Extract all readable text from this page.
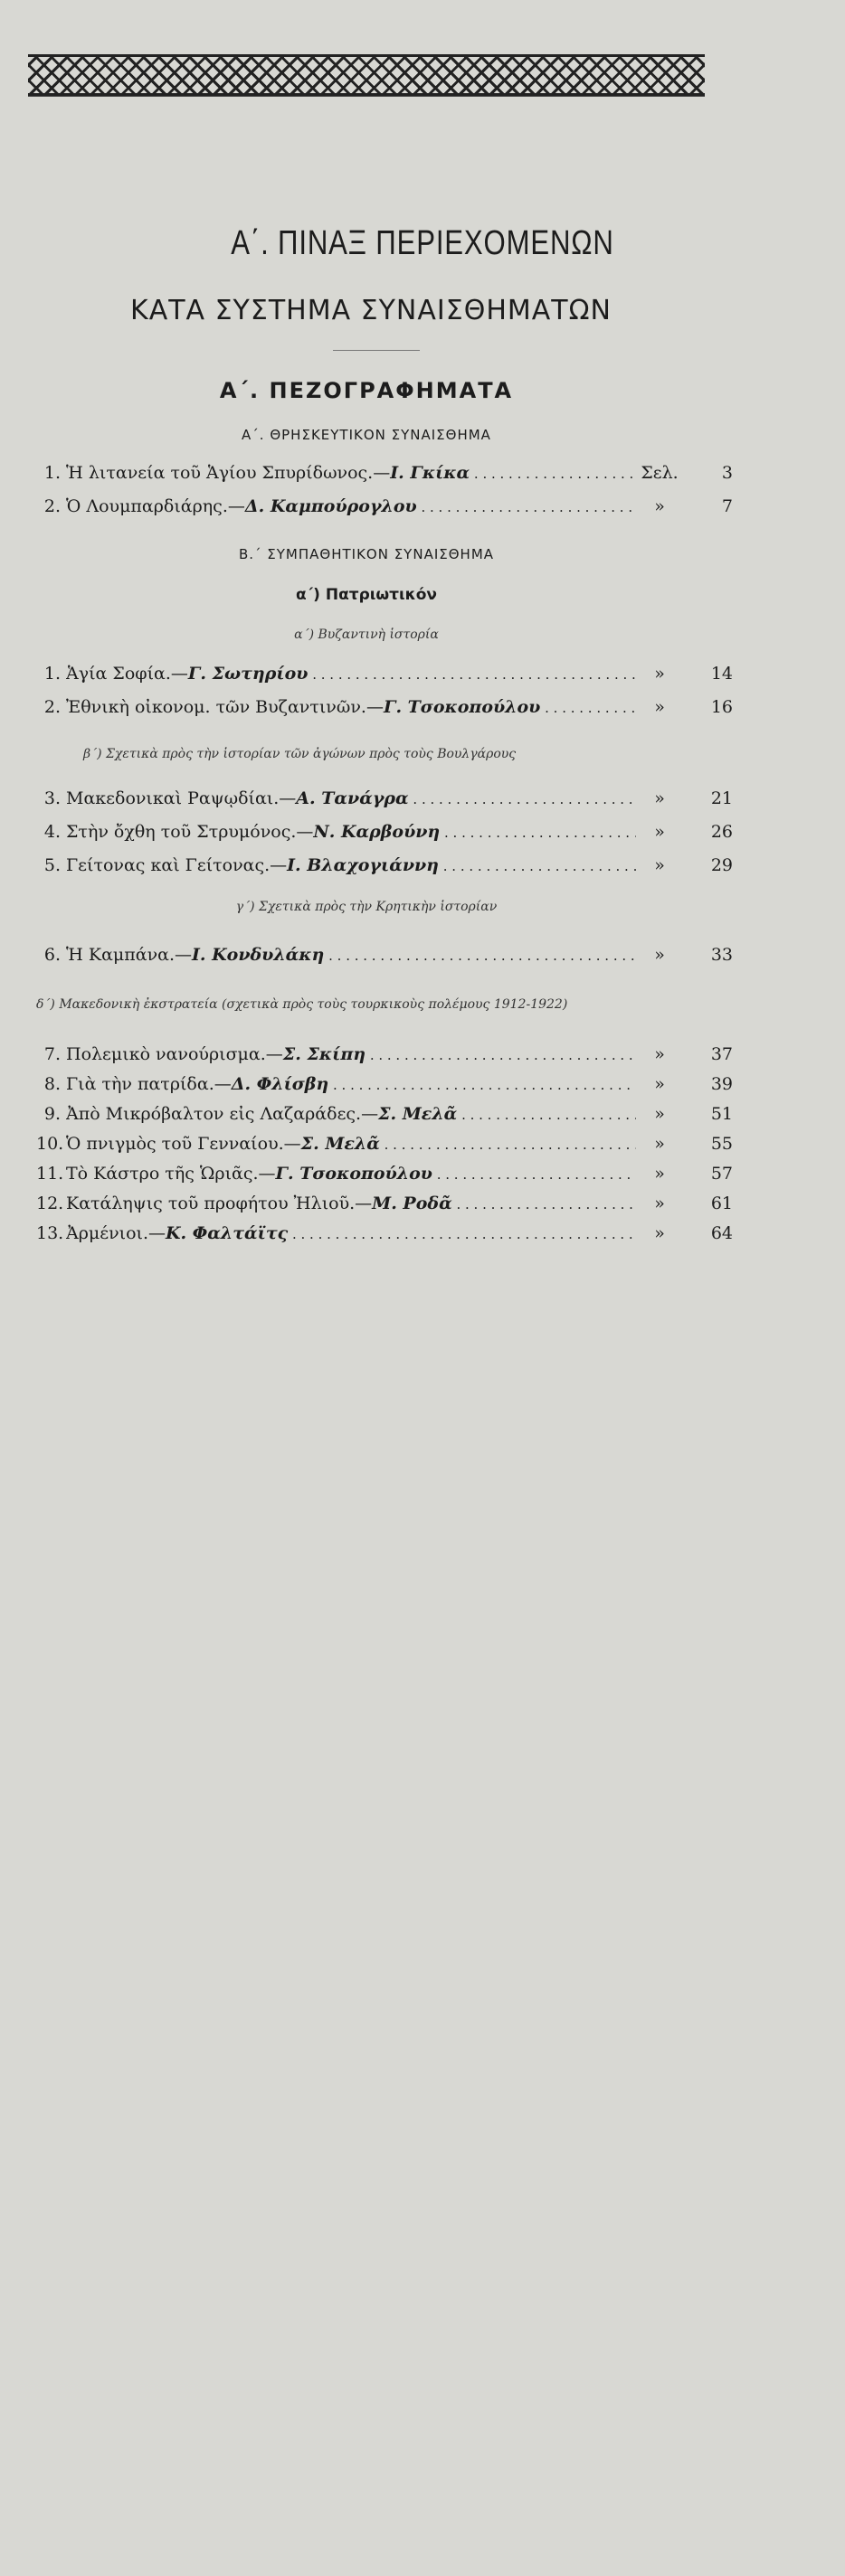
Α΄. ΠΙΝΑΞ ΠΕΡΙΕΧΟΜΕΝΩΝ
ΚΑΤΑ ΣΥΣΤΗΜΑ ΣΥΝΑΙΣΘΗΜΑΤΩΝ
Α΄. ΠΕΖΟΓΡΑΦΗΜΑΤΑ
Α΄. ΘΡΗΣΚΕΥΤΙΚΟΝ ΣΥΝΑΙΣΘΗΜΑ
1. Ἡ λιτανεία τοῦ Ἁγίου Σπυρίδωνος.—Ι. Γκίκα . . .	Σελ.	3
2. Ὁ Λουμπαρδιάρης.—Δ. Καμπούρογλου . . .	»	7
Β.΄ ΣΥΜΠΑΘΗΤΙΚΟΝ ΣΥΝΑΙΣΘΗΜΑ
α΄) Πατριωτικόν
α΄) Βυζαντινὴ ἱστορία
1. Ἁγία Σοφία.—Γ. Σωτηρίου . . .	»	14
2. Ἐθνικὴ οἰκονομ. τῶν Βυζαντινῶν.—Γ. Τσοκοπούλου . . .	»	16
β΄) Σχετικὰ πρὸς τὴν ἱστορίαν τῶν ἀγώνων πρὸς τοὺς Βουλγάρους
3. Μακεδονικαὶ Ραψῳδίαι.—Α. Τανάγρα . . .	»	21
4. Στὴν ὄχθη τοῦ Στρυμόνος.—Ν. Καρβούνη . . .	»	26
5. Γείτονας καὶ Γείτονας.—Ι. Βλαχογιάννη . . .	»	29
γ΄) Σχετικὰ πρὸς τὴν Κρητικὴν ἱστορίαν
6. Ἡ Καμπάνα.—Ι. Κονδυλάκη . . .	»	33
δ΄) Μακεδονικὴ ἐκστρατεία (σχετικὰ πρὸς τοὺς τουρκικοὺς πολέμους 1912-1922)
7. Πολεμικὸ νανούρισμα.—Σ. Σκίπη . . .	»	37
8. Γιὰ τὴν πατρίδα.—Δ. Φλίσβη . . .	»	39
9. Ἀπὸ Μικρόβαλτον εἰς Λαζαράδες.—Σ. Μελᾶ . . .	»	51
10. Ὁ πνιγμὸς τοῦ Γενναίου.—Σ. Μελᾶ . . .	»	55
11. Τὸ Κάστρο τῆς Ὡριᾶς.—Γ. Τσοκοπούλου . . .	»	57
12. Κατάληψις τοῦ προφήτου Ἠλιοῦ.—Μ. Ροδᾶ . . .	»	61
13. Ἀρμένιοι.—Κ. Φαλτάϊτς . . .	»	64
